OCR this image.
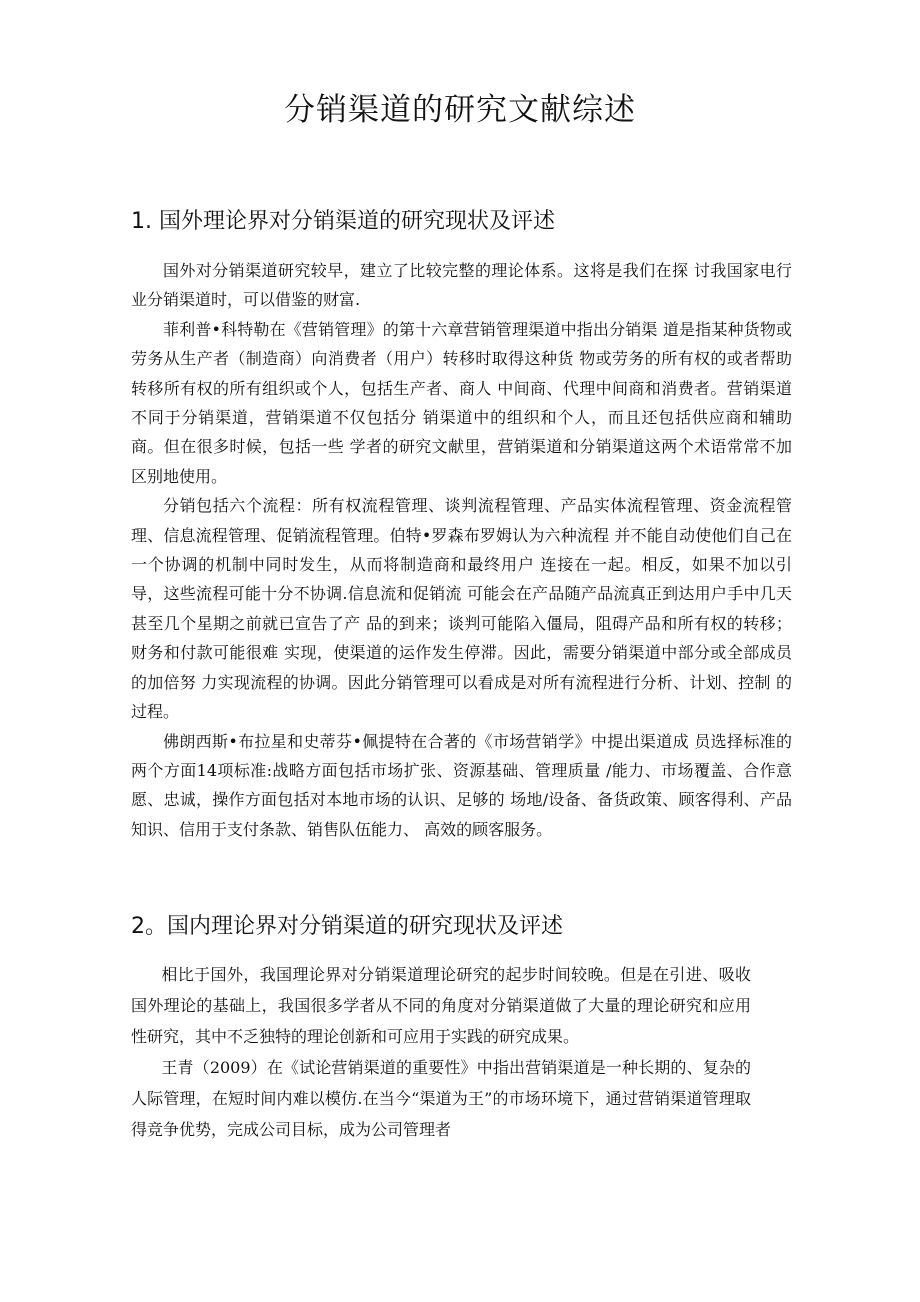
分销渠道的研究文献综述
1. 国外理论界对分销渠道的研究现状及评述

国外对分销渠道研究较早，建立了比较完整的理论体系。这将是我们在探 讨我国家电行业分销渠道时，可以借鉴的财富.

菲利普•科特勒在《营销管理》的第十六章营销管理渠道中指出分销渠 道是指某种货物或劳务从生产者（制造商）向消费者（用户）转移时取得这种货 物或劳务的所有权的或者帮助转移所有权的所有组织或个人，包括生产者、商人 中间商、代理中间商和消费者。营销渠道不同于分销渠道，营销渠道不仅包括分 销渠道中的组织和个人，而且还包括供应商和辅助商。但在很多时候，包括一些 学者的研究文献里，营销渠道和分销渠道这两个术语常常不加区别地使用。

分销包括六个流程：所有权流程管理、谈判流程管理、产品实体流程管理、资金流程管理、信息流程管理、促销流程管理。伯特•罗森布罗姆认为六种流程 并不能自动使他们自己在一个协调的机制中同时发生，从而将制造商和最终用户 连接在一起。相反，如果不加以引导，这些流程可能十分不协调.信息流和促销流 可能会在产品随产品流真正到达用户手中几天甚至几个星期之前就已宣告了产 品的到来；谈判可能陷入僵局，阻碍产品和所有权的转移；财务和付款可能很难 实现，使渠道的运作发生停滞。因此，需要分销渠道中部分或全部成员的加倍努 力实现流程的协调。因此分销管理可以看成是对所有流程进行分析、计划、控制 的过程。

佛朗西斯•布拉星和史蒂芬•佩提特在合著的《市场营销学》中提出渠道成 员选择标准的两个方面14项标准:战略方面包括市场扩张、资源基础、管理质量 /能力、市场覆盖、合作意愿、忠诚，操作方面包括对本地市场的认识、足够的 场地/设备、备货政策、顾客得利、产品知识、信用于支付条款、销售队伍能力、 高效的顾客服务。

2。国内理论界对分销渠道的研究现状及评述

相比于国外，我国理论界对分销渠道理论研究的起步时间较晚。但是在引进、吸收国外理论的基础上，我国很多学者从不同的角度对分销渠道做了大量的理论研究和应用性研究，其中不乏独特的理论创新和可应用于实践的研究成果。

王青（2009）在《试论营销渠道的重要性》中指出营销渠道是一种长期的、复杂的人际管理，在短时间内难以模仿.在当今“渠道为王”的市场环境下，通过营销渠道管理取得竞争优势，完成公司目标，成为公司管理者
